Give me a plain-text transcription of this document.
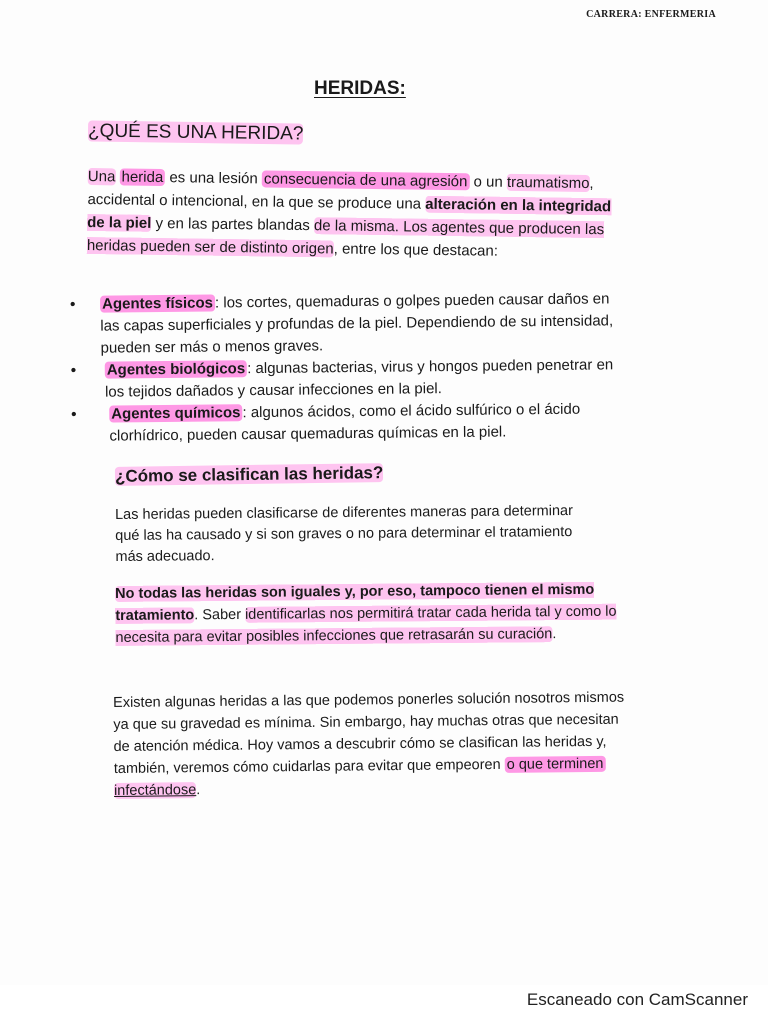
CARRERA: ENFERMERIA
HERIDAS:
¿QUÉ ES UNA HERIDA?
Una herida es una lesión consecuencia de una agresión o un traumatismo, accidental o intencional, en la que se produce una alteración en la integridad de la piel y en las partes blandas de la misma. Los agentes que producen las heridas pueden ser de distinto origen, entre los que destacan:
• Agentes físicos : los cortes, quemaduras o golpes pueden causar daños en las capas superficiales y profundas de la piel. Dependiendo de su intensidad, pueden ser más o menos graves.
• Agentes biológicos : algunas bacterias, virus y hongos pueden penetrar en los tejidos dañados y causar infecciones en la piel.
• Agentes químicos : algunos ácidos, como el ácido sulfúrico o el ácido clorhídrico, pueden causar quemaduras químicas en la piel.
¿Cómo se clasifican las heridas?
Las heridas pueden clasificarse de diferentes maneras para determinar qué las ha causado y si son graves o no para determinar el tratamiento más adecuado.
No todas las heridas son iguales y, por eso, tampoco tienen el mismo tratamiento. Saber identificarlas nos permitirá tratar cada herida tal y como lo necesita para evitar posibles infecciones que retrasarán su curación.
Existen algunas heridas a las que podemos ponerles solución nosotros mismos ya que su gravedad es mínima. Sin embargo, hay muchas otras que necesitan de atención médica. Hoy vamos a descubrir cómo se clasifican las heridas y, también, veremos cómo cuidarlas para evitar que empeoren o que terminen infectándose.
Escaneado con CamScanner
